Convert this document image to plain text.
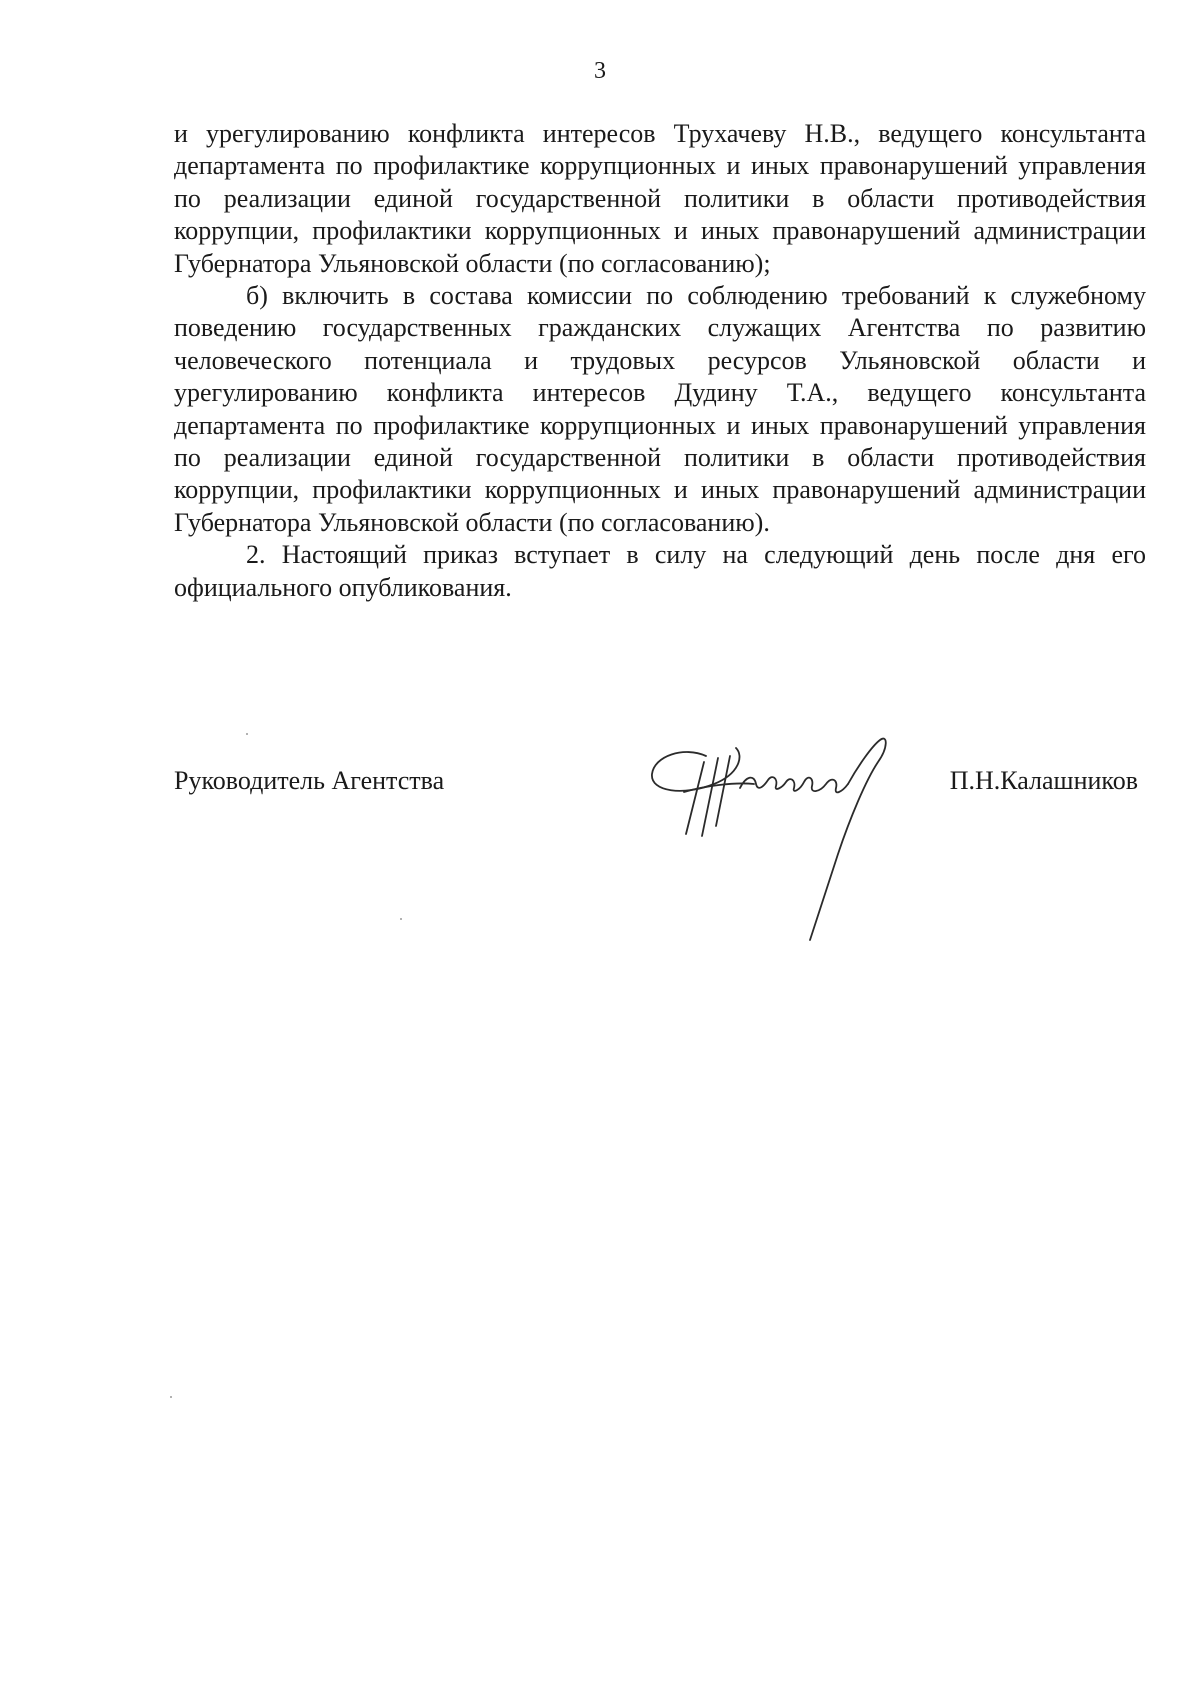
3

и урегулированию конфликта интересов Трухачеву Н.В., ведущего консультанта департамента по профилактике коррупционных и иных правонарушений управления по реализации единой государственной политики в области противодействия коррупции, профилактики коррупционных и иных правонарушений администрации Губернатора Ульяновской области (по согласованию);

б) включить в состава комиссии по соблюдению требований к служебному поведению государственных гражданских служащих Агентства по развитию человеческого потенциала и трудовых ресурсов Ульяновской области и урегулированию конфликта интересов Дудину Т.А., ведущего консультанта департамента по профилактике коррупционных и иных правонарушений управления по реализации единой государственной политики в области противодействия коррупции, профилактики коррупционных и иных правонарушений администрации Губернатора Ульяновской области (по согласованию).

2. Настоящий приказ вступает в силу на следующий день после дня его официального опубликования.

Руководитель Агентства	П.Н.Калашников
